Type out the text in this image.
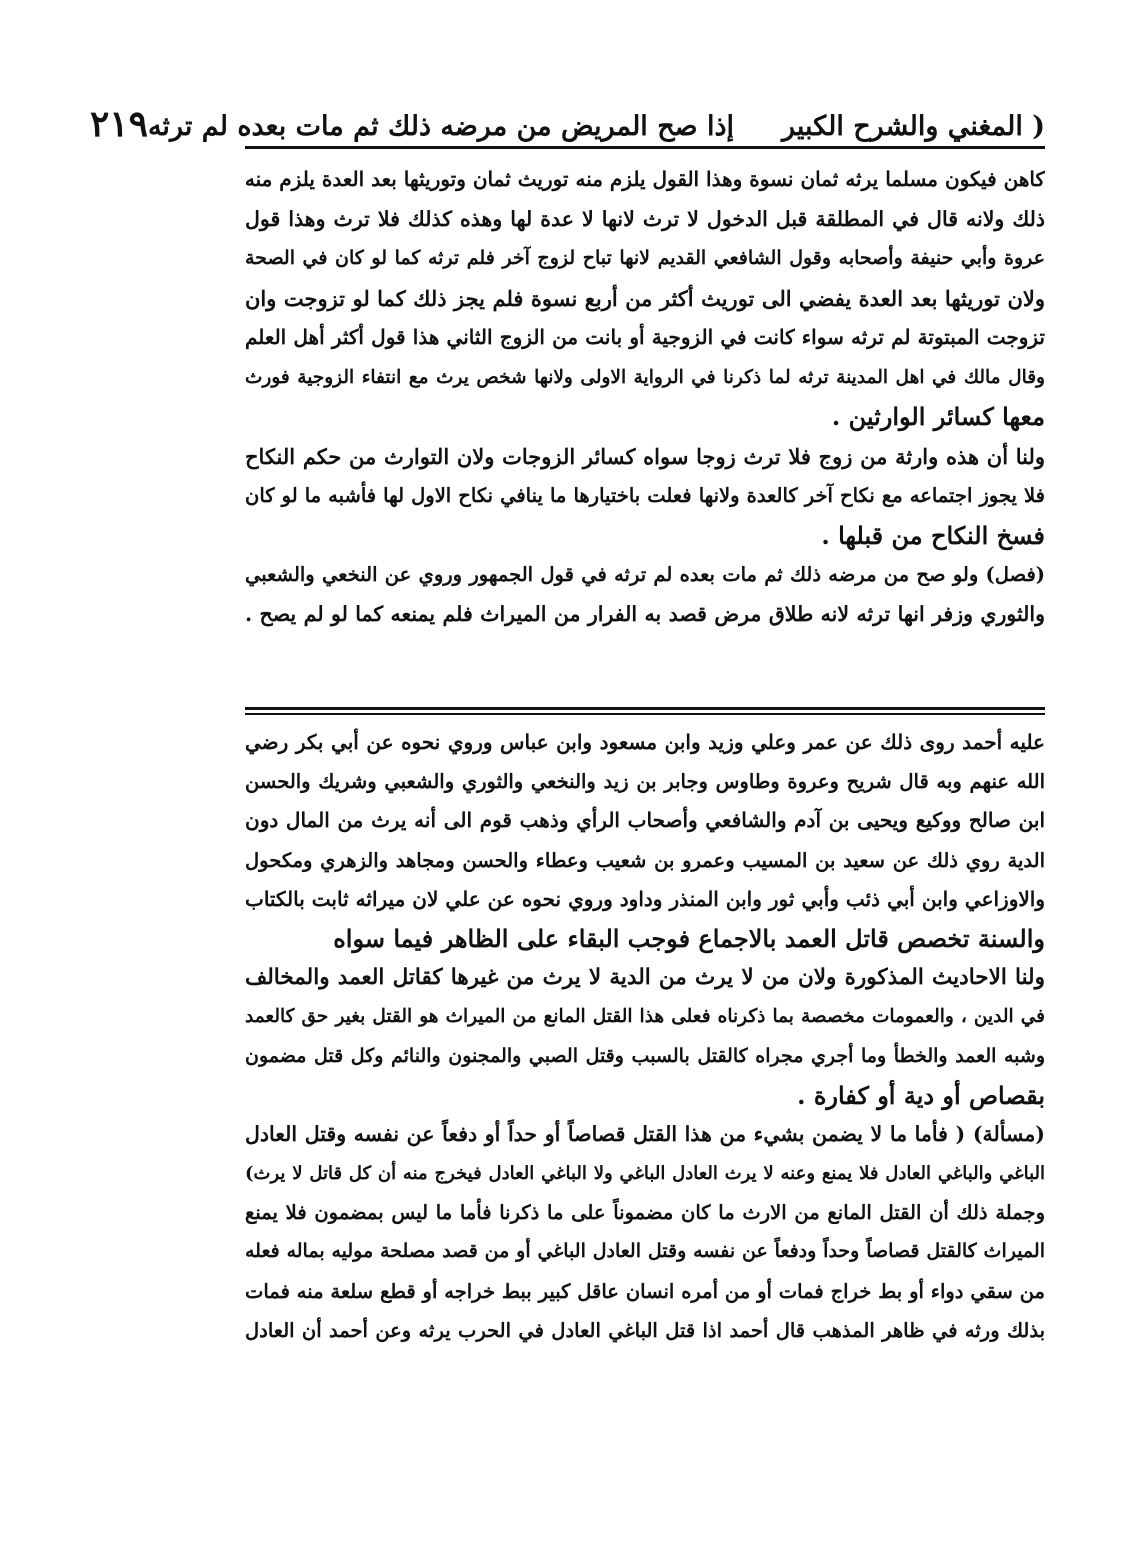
( المغني والشرح الكبير
إذا صح المريض من مرضه ذلك ثم مات بعده لم ترثه
٢١٩
كاهن فيكون مسلما يرثه ثمان نسوة وهذا القول يلزم منه توريث ثمان وتوريثها بعد العدة يلزم منه
ذلك ولانه قال في المطلقة قبل الدخول لا ترث لانها لا عدة لها وهذه كذلك فلا ترث وهذا قول
عروة وأبي حنيفة وأصحابه وقول الشافعي القديم لانها تباح لزوج آخر فلم ترثه كما لو كان في الصحة
ولان توريثها بعد العدة يفضي الى توريث أكثر من أربع نسوة فلم يجز ذلك كما لو تزوجت وان
تزوجت المبتوتة لم ترثه سواء كانت في الزوجية أو بانت من الزوج الثاني هذا قول أكثر أهل العلم
وقال مالك في اهل المدينة ترثه لما ذكرنا في الرواية الاولى ولانها شخص يرث مع انتفاء الزوجية فورث
معها كسائر الوارثين .
ولنا أن هذه وارثة من زوج فلا ترث زوجا سواه كسائر الزوجات ولان التوارث من حكم النكاح
فلا يجوز اجتماعه مع نكاح آخر كالعدة ولانها فعلت باختيارها ما ينافي نكاح الاول لها فأشبه ما لو كان
فسخ النكاح من قبلها .
(فصل) ولو صح من مرضه ذلك ثم مات بعده لم ترثه في قول الجمهور وروي عن النخعي والشعبي
والثوري وزفر انها ترثه لانه طلاق مرض قصد به الفرار من الميراث فلم يمنعه كما لو لم يصح .
عليه أحمد روى ذلك عن عمر وعلي وزيد وابن مسعود وابن عباس وروي نحوه عن أبي بكر رضي
الله عنهم وبه قال شريح وعروة وطاوس وجابر بن زيد والنخعي والثوري والشعبي وشريك والحسن
ابن صالح ووكيع ويحيى بن آدم والشافعي وأصحاب الرأي وذهب قوم الى أنه يرث من المال دون
الدية روي ذلك عن سعيد بن المسيب وعمرو بن شعيب وعطاء والحسن ومجاهد والزهري ومكحول
والاوزاعي وابن أبي ذئب وأبي ثور وابن المنذر وداود وروي نحوه عن علي لان ميراثه ثابت بالكتاب
والسنة تخصص قاتل العمد بالاجماع فوجب البقاء على الظاهر فيما سواه
ولنا الاحاديث المذكورة ولان من لا يرث من الدية لا يرث من غيرها كقاتل العمد والمخالف
في الدين ، والعمومات مخصصة بما ذكرناه فعلى هذا القتل المانع من الميراث هو القتل بغير حق كالعمد
وشبه العمد والخطأ وما أجري مجراه كالقتل بالسبب وقتل الصبي والمجنون والنائم وكل قتل مضمون
بقصاص أو دية أو كفارة .
(مسألة) ( فأما ما لا يضمن بشيء من هذا القتل قصاصاً أو حداً أو دفعاً عن نفسه وقتل العادل
الباغي والباغي العادل فلا يمنع وعنه لا يرث العادل الباغي ولا الباغي العادل فيخرج منه أن كل قاتل لا يرث)
وجملة ذلك أن القتل المانع من الارث ما كان مضموناً على ما ذكرنا فأما ما ليس بمضمون فلا يمنع
الميراث كالقتل قصاصاً وحداً ودفعاً عن نفسه وقتل العادل الباغي أو من قصد مصلحة موليه بماله فعله
من سقي دواء أو بط خراج فمات أو من أمره انسان عاقل كبير ببط خراجه أو قطع سلعة منه فمات
بذلك ورثه في ظاهر المذهب قال أحمد اذا قتل الباغي العادل في الحرب يرثه وعن أحمد أن العادل
